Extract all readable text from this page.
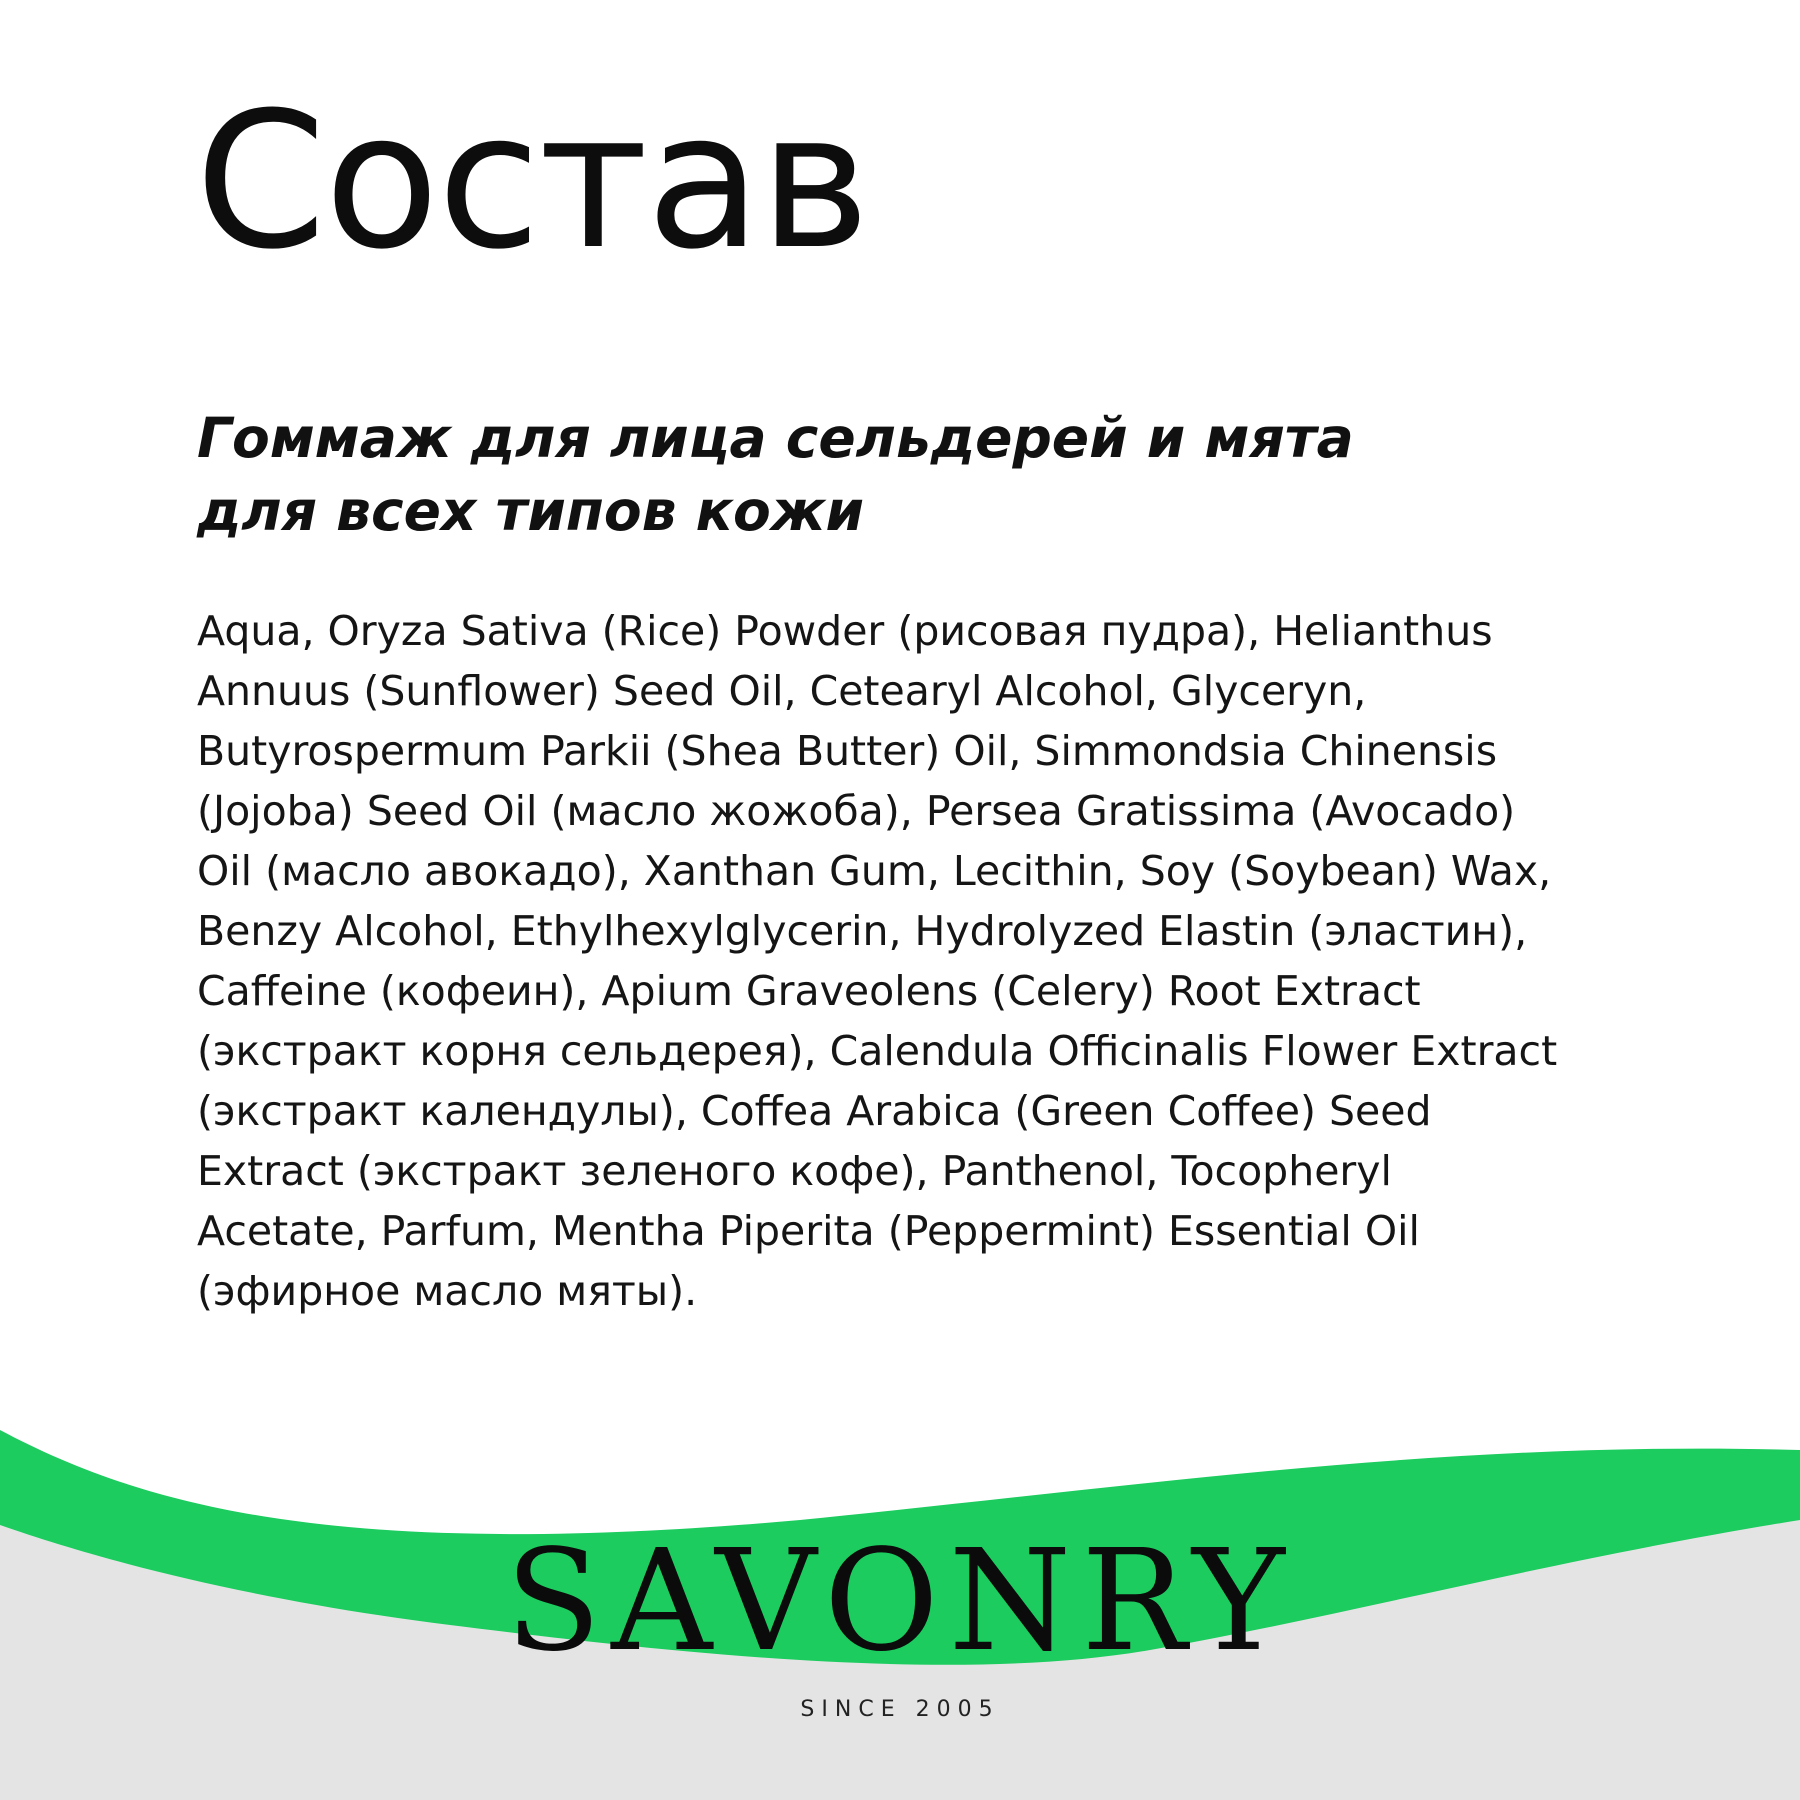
Состав
Гоммаж для лица сельдерей и мята
для всех типов кожи

Aqua, Oryza Sativa (Rice) Powder (рисовая пудра), Helianthus
Annuus (Sunflower) Seed Oil, Cetearyl Alcohol, Glyceryn,
Butyrospermum Parkii (Shea Butter) Oil, Simmondsia Chinensis
(Jojoba) Seed Oil (масло жожоба), Persea Gratissima (Avocado)
Oil (масло авокадо), Xanthan Gum, Lecithin, Soy (Soybean) Wax,
Benzy Alcohol, Ethylhexylglycerin, Hydrolyzed Elastin (эластин),
Caffeine (кофеин), Apium Graveolens (Celery) Root Extract
(экстракт корня сельдерея), Calendula Officinalis Flower Extract
(экстракт календулы), Coffea Arabica (Green Coffee) Seed
Extract (экстракт зеленого кофе), Panthenol, Tocopheryl
Acetate, Parfum, Mentha Piperita (Peppermint) Essential Oil
(эфирное масло мяты).

SAVONRY
SINCE 2005
